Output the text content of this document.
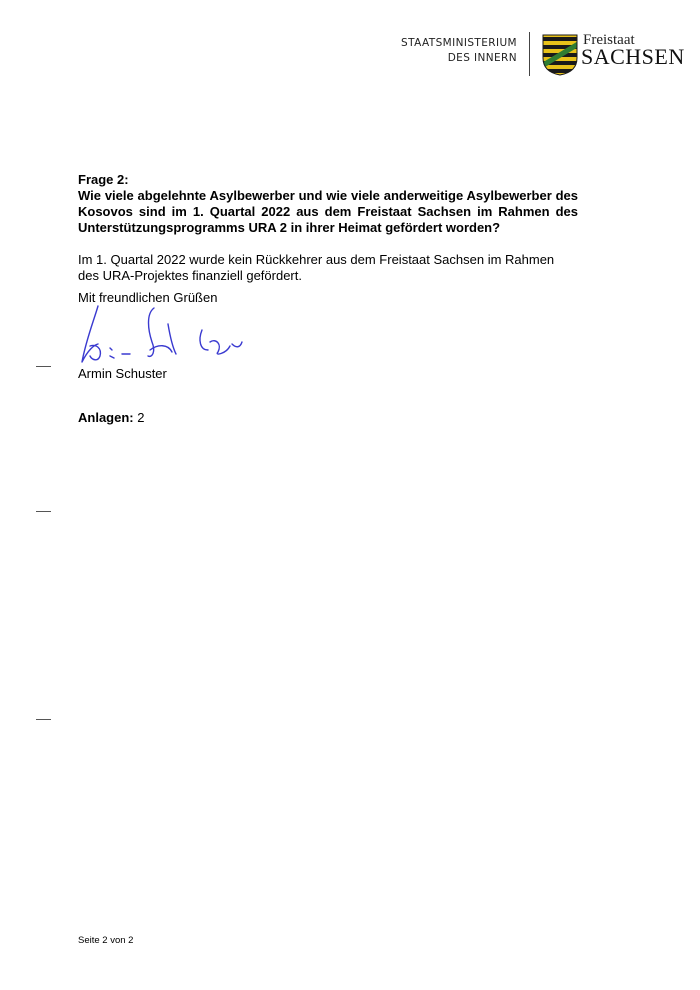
STAATSMINISTERIUM
DES INNERN
Freistaat
SACHSEN
Frage 2:
Wie viele abgelehnte Asylbewerber und wie viele anderweitige Asylbewerber des Kosovos sind im 1. Quartal 2022 aus dem Freistaat Sachsen im Rahmen des Unterstützungsprogramms URA 2 in ihrer Heimat gefördert worden?
Im 1. Quartal 2022 wurde kein Rückkehrer aus dem Freistaat Sachsen im Rahmen des URA-Projektes finanziell gefördert.
Mit freundlichen Grüßen
Armin Schuster
Anlagen: 2
Seite 2 von 2
